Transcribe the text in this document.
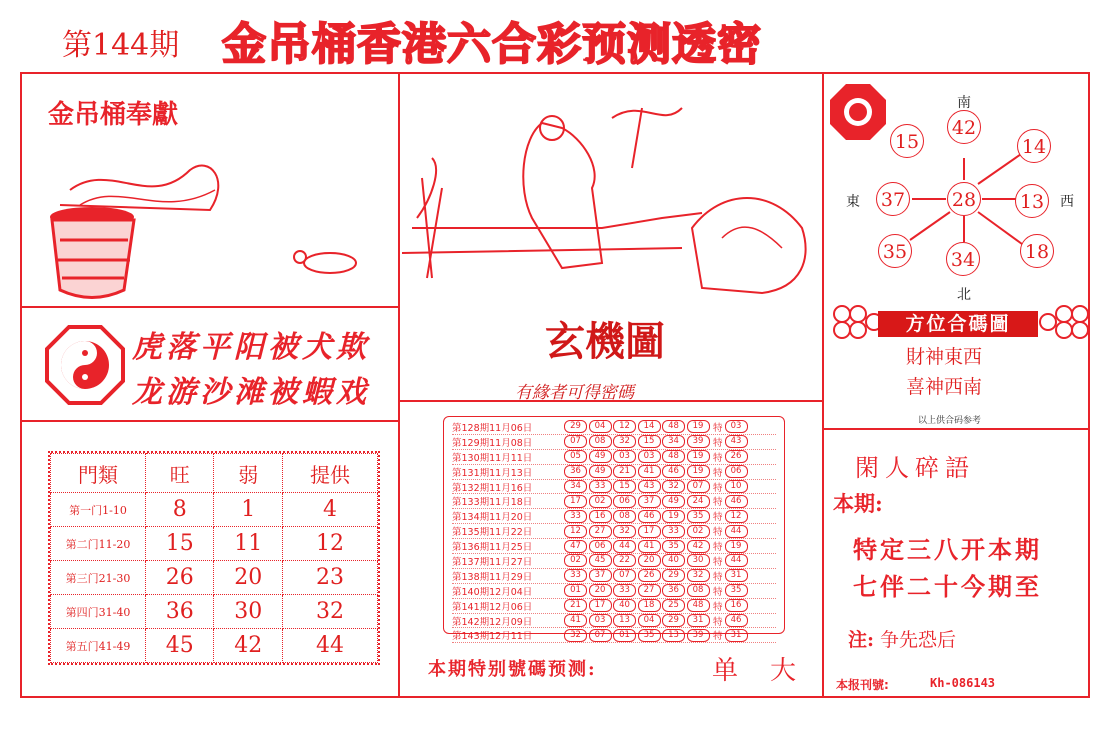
第144期 金吊桶香港六合彩预测透密
金吊桶奉獻
虎落平阳被犬欺
龙游沙滩被蝦戏
玄機圖
有緣者可得密碼
門類	旺	弱	提供
第一门1-10	8	1	4
第二门11-20	15	11	12
第三门21-30	26	20	23
第四门31-40	36	30	32
第五门41-49	45	42	44
第128期11月06日	29	04	12	14	48	19	特 03
第129期11月08日	07	08	32	15	34	39	特 43
第130期11月11日	05	49	03	03	48	19	特 26
第131期11月13日	36	49	21	41	46	19	特 06
第132期11月16日	34	33	15	43	32	07	特 10
第133期11月18日	17	02	06	37	49	24	特 46
第134期11月20日	33	16	08	46	19	35	特 12
第135期11月22日	12	27	32	17	33	02	特 44
第136期11月25日	47	06	44	41	35	42	特 19
第137期11月27日	02	45	22	20	40	30	特 44
第138期11月29日	33	37	07	26	29	32	特 31
第140期12月04日	01	20	33	27	36	08	特 35
第141期12月06日	21	17	40	18	25	48	特 16
第142期12月09日	41	03	13	04	29	31	特 46
第143期12月11日	32	07	01	35	13	39	特 31
本期特别號碼预测:	单 大
42
15	14
37 28 13
35 34	18
南
北
東	西
方位合碼圖
財神東西
喜神西南
以上供合码参考
閑人碎語
本期:
特定三八开本期
七伴二十今期至
注: 争先恐后
本报刊號:	Kh-086143
